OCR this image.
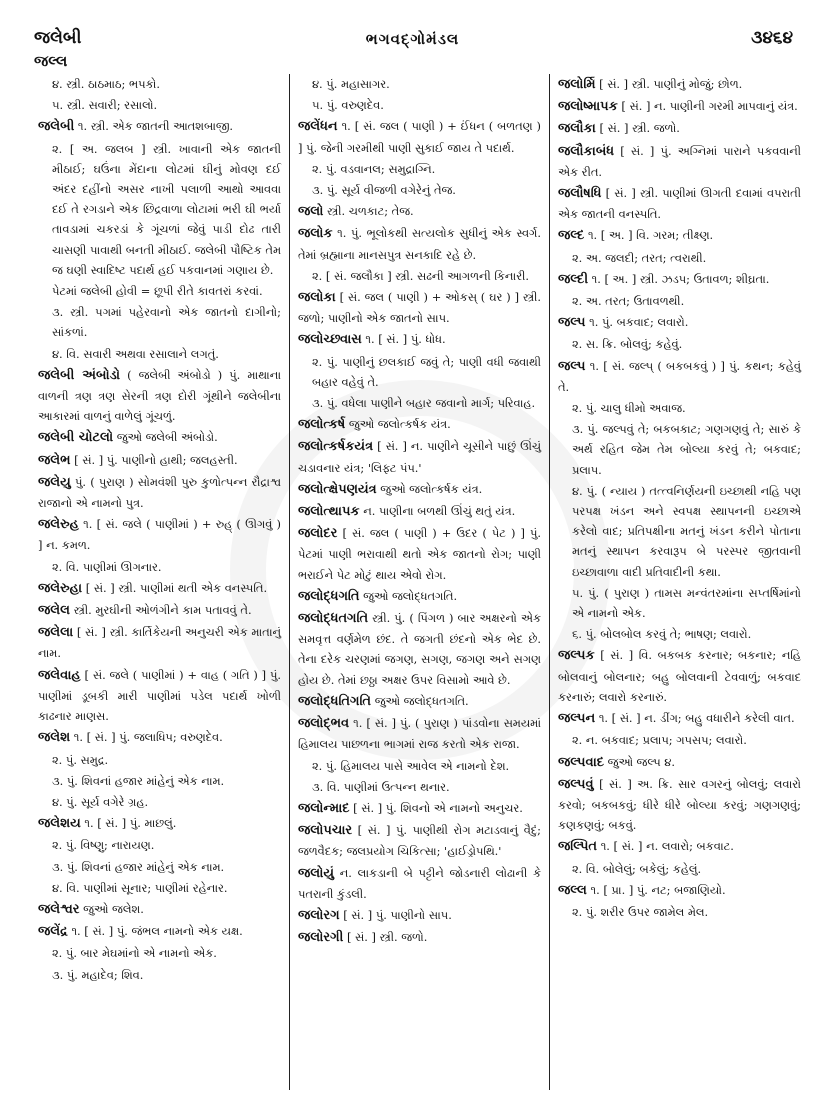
જલેબી	ભગવદ્ગોમંડલ	૩૪૬૪
જલ્લ

૪. સ્ત્રી. ઠાઠમાઠ; ભપકો.

૫. સ્ત્રી. સવારી; રસાલો.

જલેબી ૧. સ્ત્રી. એક જાતની આતશબાજી.

૨. [ અ. જલબ ] સ્ત્રી. ખાવાની એક જાતની મીઠાઈ; ઘઉંના મેંદાના લોટમાં ઘીનું મોવણ દઈ અંદર દહીંનો અસર નાખી પલાળી આથો આવવા દઈ તે રગડાને એક છિદ્રવાળા લોટામાં ભરી ઘી ભર્યા તાવડામાં ચકરડાં કે ગૂંચળાં જેવું પાડી દોઢ તારી ચાસણી પાવાથી બનતી મીઠાઈ. જલેબી પૌષ્ટિક તેમ જ ઘણી સ્વાદિષ્ટ પદાર્થ હઈ પકવાનમાં ગણાય છે.

પેટમાં જલેબી હોવી = છૂપી રીતે કાવતરાં કરવાં.

૩. સ્ત્રી. પગમાં પહેરવાનો એક જાતનો દાગીનો; સાંકળાં.

૪. વિ. સવારી અથવા રસાલાને લગતું.

જલેબી અંબોડો ( જલેબી અંબોડો ) પું. માથાના વાળની ત્રણ ત્રણ સેરની ત્રણ દોરી ગૂંથીને જલેબીના આકારમાં વાળનું વાળેલું ગૂંચળું.

જલેબી ચોટલો જુઓ જલેબી અંબોડો.

જલેભ [ સં. ] પું. પાણીનો હાથી; જલહસ્તી.

જલેયુ પું. ( પુરાણ ) સોમવંશી પુરુ કુળોત્પન્ન રૌદ્રાશ્વ રાજાનો એ નામનો પુત્ર.

જલેરુહ ૧. [ સં. જલે ( પાણીમાં ) + રુહ્ ( ઊગવું ) ] ન. કમળ.

૨. વિ. પાણીમાં ઊગનાર.

જલેરુહા [ સં. ] સ્ત્રી. પાણીમાં થતી એક વનસ્પતિ.

જલેલ સ્ત્રી. મુરઘીની ઓળંગીને કામ પતાવવું તે.

જલેલા [ સં. ] સ્ત્રી. કાર્તિકેયની અનુચરી એક માતાનું નામ.

જલેવાહ [ સં. જલે ( પાણીમાં ) + વાહ ( ગતિ ) ] પું. પાણીમાં ડૂબકી મારી પાણીમાં પડેલ પદાર્થ ખોળી કાઢનાર માણસ.

જલેશ ૧. [ સં. ] પું. જલાધિપ; વરુણદેવ.

૨. પું. સમુદ્ર.

૩. પું. શિવનાં હજાર માંહેનું એક નામ.

૪. પું. સૂર્ય વગેરે ગ્રહ.

જલેશય ૧. [ સં. ] પું. માછલું.

૨. પું. વિષ્ણુ; નારાયણ.

૩. પું. શિવનાં હજાર માંહેનું એક નામ.

૪. વિ. પાણીમાં સૂનાર; પાણીમાં રહેનાર.

જલેશ્વર જુઓ જલેશ.

જલેંદ્ર ૧. [ સં. ] પું. જંભલ નામનો એક યક્ષ.

૨. પું. બાર મેઘમાંનો એ નામનો એક.

૩. પું. મહાદેવ; શિવ.

૪. પું. મહાસાગર.

૫. પું. વરુણદેવ.

જલેંધન ૧. [ સં. જલ ( પાણી ) + ઈંધન ( બળતણ ) ] પું. જેની ગરમીથી પાણી સુકાઈ જાય તે પદાર્થ.

૨. પું. વડવાનલ; સમુદ્રાગ્નિ.

૩. પું. સૂર્ય વીજળી વગેરેનું તેજ.

જલો સ્ત્રી. ચળકાટ; તેજ.

જલોક ૧. પું. ભૂલોકથી સત્યલોક સુધીનું એક સ્વર્ગ. તેમાં બ્રહ્માના માનસપુત્ર સનકાદિ રહે છે.

૨. [ સં. જલૌકા ] સ્ત્રી. સઢની આગળની કિનારી.

જલોકા [ સં. જલ ( પાણી ) + ઓકસ્ ( ઘર ) ] સ્ત્રી. જળો; પાણીનો એક જાતનો સાપ.

જલોચ્છ્વાસ ૧. [ સં. ] પું. ધોધ.

૨. પું. પાણીનું છલકાઈ જવું તે; પાણી વધી જવાથી બહાર વહેવું તે.

૩. પું. વધેલા પાણીને બહાર જવાનો માર્ગ; પરિવાહ.

જલોત્કર્ષ જુઓ જલોત્કર્ષક યંત્ર.

જલોત્કર્ષકયંત્ર [ સં. ] ન. પાણીને ચૂસીને પાછું ઊંચું ચડાવનાર યંત્ર; 'લિફ્ટ પંપ.'

જલોત્ક્ષેપણયંત્ર જુઓ જલોત્કર્ષક યંત્ર.

જલોત્થાપક ન. પાણીના બળથી ઊંચું થતું યંત્ર.

જલોદર [ સં. જલ ( પાણી ) + ઉદર ( પેટ ) ] પું. પેટમાં પાણી ભરાવાથી થતો એક જાતનો રોગ; પાણી ભરાઈને પેટ મોટું થાય એવો રોગ.

જલોદ્ધગતિ જુઓ જલોદ્ધતગતિ.

જલોદ્ધતગતિ સ્ત્રી. પું. ( પિંગળ ) બાર અક્ષરનો એક સમવૃત્ત વર્ણમેળ છંદ. તે જગતી છંદનો એક ભેદ છે. તેના દરેક ચરણમાં જગણ, સગણ, જગણ અને સગણ હોય છે. તેમાં છઠ્ઠા અક્ષર ઉપર વિસામો આવે છે.

જલોદ્ધતિગતિ જુઓ જલોદ્ધતગતિ.

જલોદ્ભવ ૧. [ સં. ] પું. ( પુરાણ ) પાંડવોના સમયમાં હિમાલય પાછળના ભાગમાં રાજ કરતો એક રાજા.

૨. પું. હિમાલય પાસે આવેલ એ નામનો દેશ.

૩. વિ. પાણીમાં ઉત્પન્ન થનાર.

જલોન્માદ [ સં. ] પું. શિવનો એ નામનો અનુચર.

જલોપચાર [ સં. ] પું. પાણીથી રોગ મટાડવાનું વૈદું; જળવૈદક; જલપ્રયોગ ચિકિત્સા; 'હાઈડ્રોપથિ.'

જલોયું ન. લાકડાની બે પટ્ટીને જોડનારી લોઢાની કે પતરાની કુંડલી.

જલોરગ [ સં. ] પું. પાણીનો સાપ.

જલોરગી [ સં. ] સ્ત્રી. જળો.

જલોર્મિ [ સં. ] સ્ત્રી. પાણીનું મોજું; છોળ.

જલોષ્માપક [ સં. ] ન. પાણીની ગરમી માપવાનું યંત્ર.

જલૌકા [ સં. ] સ્ત્રી. જળો.

જલૌકાબંધ [ સં. ] પું. અગ્નિમાં પારાને પકવવાની એક રીત.

જલૌષધિ [ સં. ] સ્ત્રી. પાણીમાં ઊગતી દવામાં વપરાતી એક જાતની વનસ્પતિ.

જલ્દ ૧. [ અ. ] વિ. ગરમ; તીક્ષ્ણ.

૨. અ. જલદી; તરત; ત્વરાથી.

જલ્દી ૧. [ અ. ] સ્ત્રી. ઝડપ; ઉતાવળ; શીઘ્રતા.

૨. અ. તરત; ઉતાવળથી.

જલ્પ ૧. પું. બકવાદ; લવારો.

૨. સ. ક્રિ. બોલવું; કહેવું.

જલ્પ ૧. [ સં. જલ્પ્ ( બકબકવું ) ] પું. કથન; કહેવું તે.

૨. પું. ચાલુ ધીમો અવાજ.

૩. પું. જલ્પવું તે; બકબકાટ; ગણગણવું તે; સારું કે અર્થ રહિત જેમ તેમ બોલ્યા કરવું તે; બકવાદ; પ્રલાપ.

૪. પું. ( ન્યાય ) તત્ત્વનિર્ણયની ઇચ્છાથી નહિ પણ પરપક્ષ ખંડન અને સ્વપક્ષ સ્થાપનની ઇચ્છાએ કરેલો વાદ; પ્રતિપક્ષીના મતનું ખંડન કરીને પોતાના મતનું સ્થાપન કરવારૂપ બે પરસ્પર જીતવાની ઇચ્છાવાળા વાદી પ્રતિવાદીની કથા.

૫. પું. ( પુરાણ ) તામસ મન્વંતરમાંના સપ્તર્ષિમાંનો એ નામનો એક.

૬. પું. બોલબોલ કરવું તે; ભાષણ; લવારો.

જલ્પક [ સં. ] વિ. બકબક કરનાર; બકનાર; નહિ બોલવાનું બોલનાર; બહુ બોલવાની ટેવવાળું; બકવાદ કરનારું; લવારો કરનારું.

જલ્પન ૧. [ સં. ] ન. ડીંગ; બહુ વધારીને કરેલી વાત.

૨. ન. બકવાદ; પ્રલાપ; ગપસપ; લવારો.

જલ્પવાદ જુઓ જલ્પ ૪.

જલ્પવું [ સં. ] અ. ક્રિ. સાર વગરનું બોલવું; લવારો કરવો; બકબકવું; ધીરે ધીરે બોલ્યા કરવું; ગણગણવું; કણકણવું; બકવું.

જલ્પિત ૧. [ સં. ] ન. લવારો; બકવાટ.

૨. વિ. બોલેલું; બકેલું; કહેલું.

જલ્લ ૧. [ પ્રા. ] પું. નટ; બજાણિયો.

૨. પું. શરીર ઉપર જામેલ મેલ.
